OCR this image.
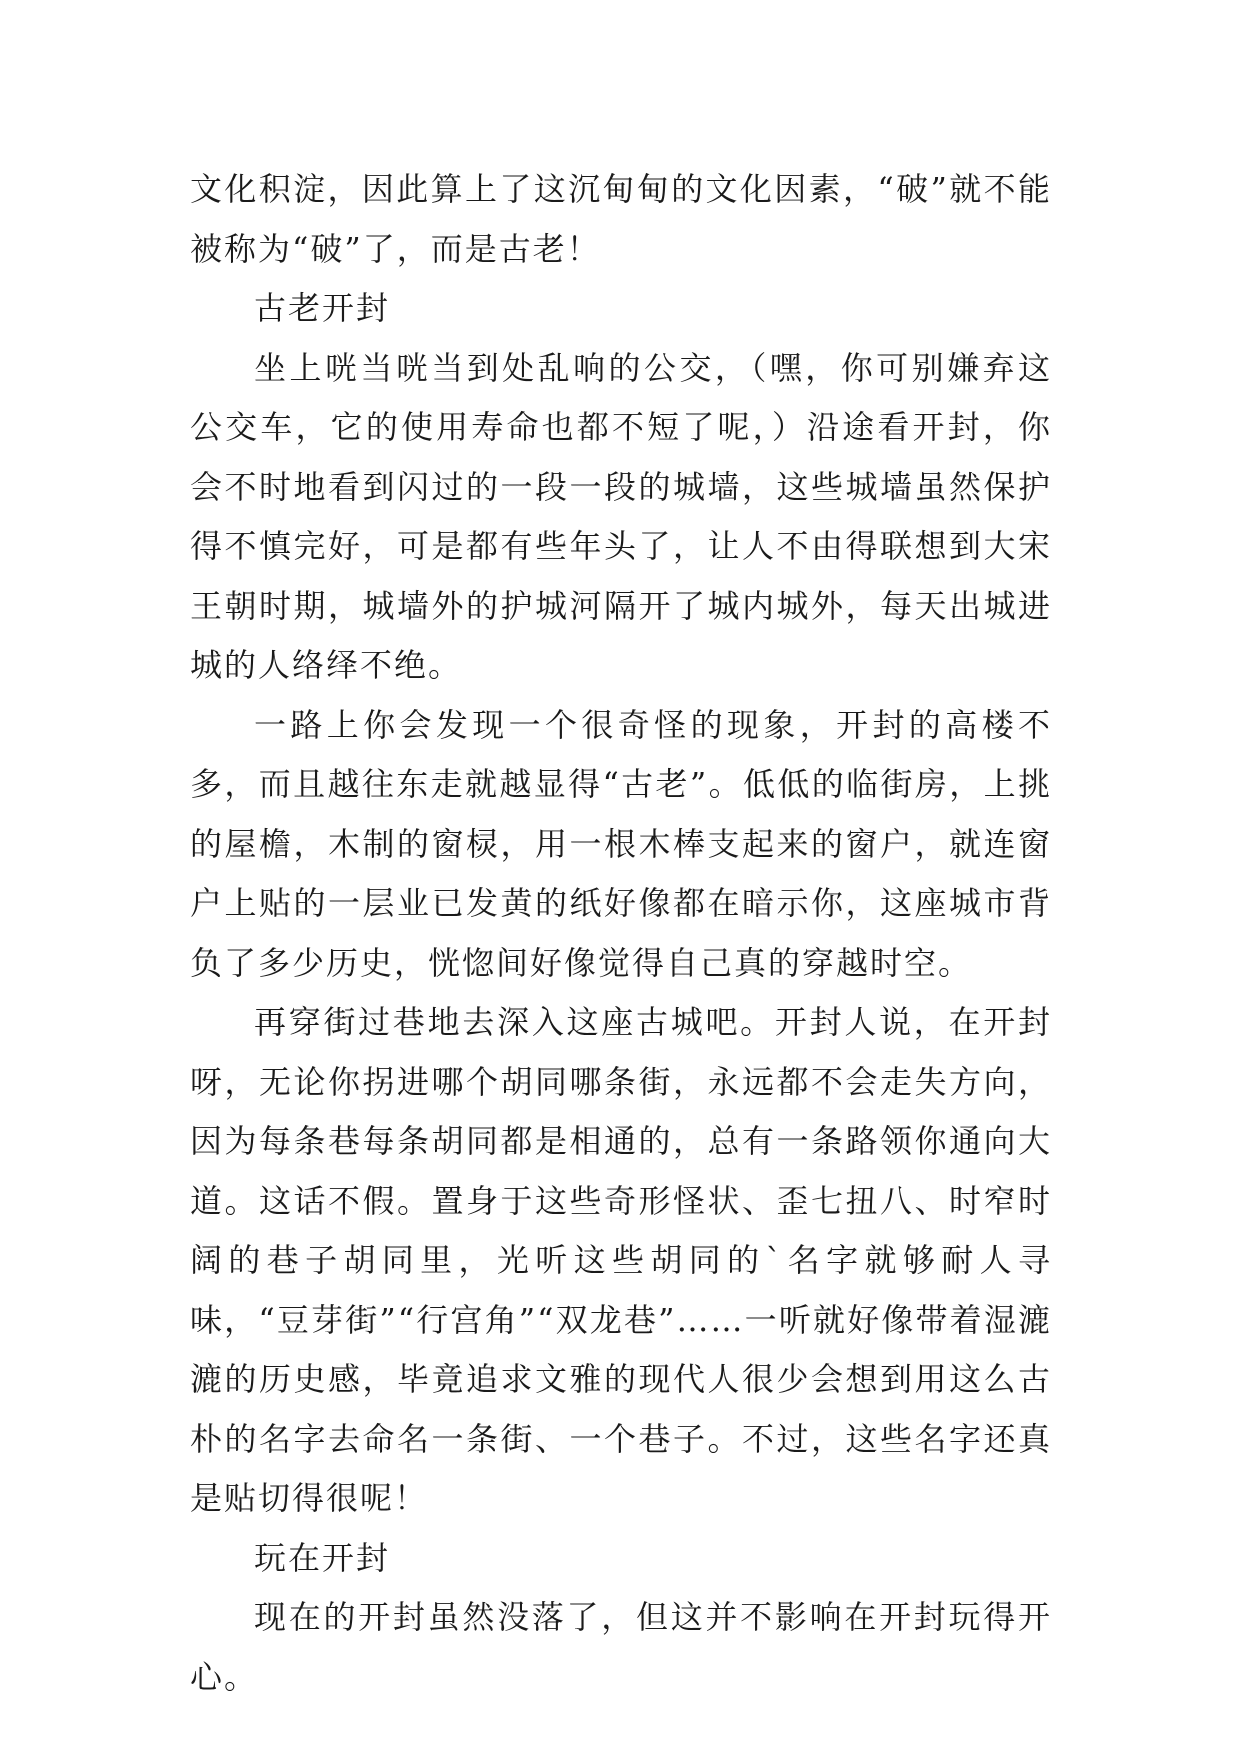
文化积淀，因此算上了这沉甸甸的文化因素，“破”就不能被称为“破”了，而是古老！

古老开封

坐上咣当咣当到处乱响的公交，（嘿，你可别嫌弃这公交车，它的使用寿命也都不短了呢，）沿途看开封，你会不时地看到闪过的一段一段的城墙，这些城墙虽然保护得不慎完好，可是都有些年头了，让人不由得联想到大宋王朝时期，城墙外的护城河隔开了城内城外，每天出城进城的人络绎不绝。

一路上你会发现一个很奇怪的现象，开封的高楼不多，而且越往东走就越显得“古老”。低低的临街房，上挑的屋檐，木制的窗棂，用一根木棒支起来的窗户，就连窗户上贴的一层业已发黄的纸好像都在暗示你，这座城市背负了多少历史，恍惚间好像觉得自己真的穿越时空。

再穿街过巷地去深入这座古城吧。开封人说，在开封呀，无论你拐进哪个胡同哪条街，永远都不会走失方向，因为每条巷每条胡同都是相通的，总有一条路领你通向大道。这话不假。置身于这些奇形怪状、歪七扭八、时窄时阔的巷子胡同里，光听这些胡同的`名字就够耐人寻味，“豆芽街”“行宫角”“双龙巷”……一听就好像带着湿漉漉的历史感，毕竟追求文雅的现代人很少会想到用这么古朴的名字去命名一条街、一个巷子。不过，这些名字还真是贴切得很呢！

玩在开封

现在的开封虽然没落了，但这并不影响在开封玩得开心。
